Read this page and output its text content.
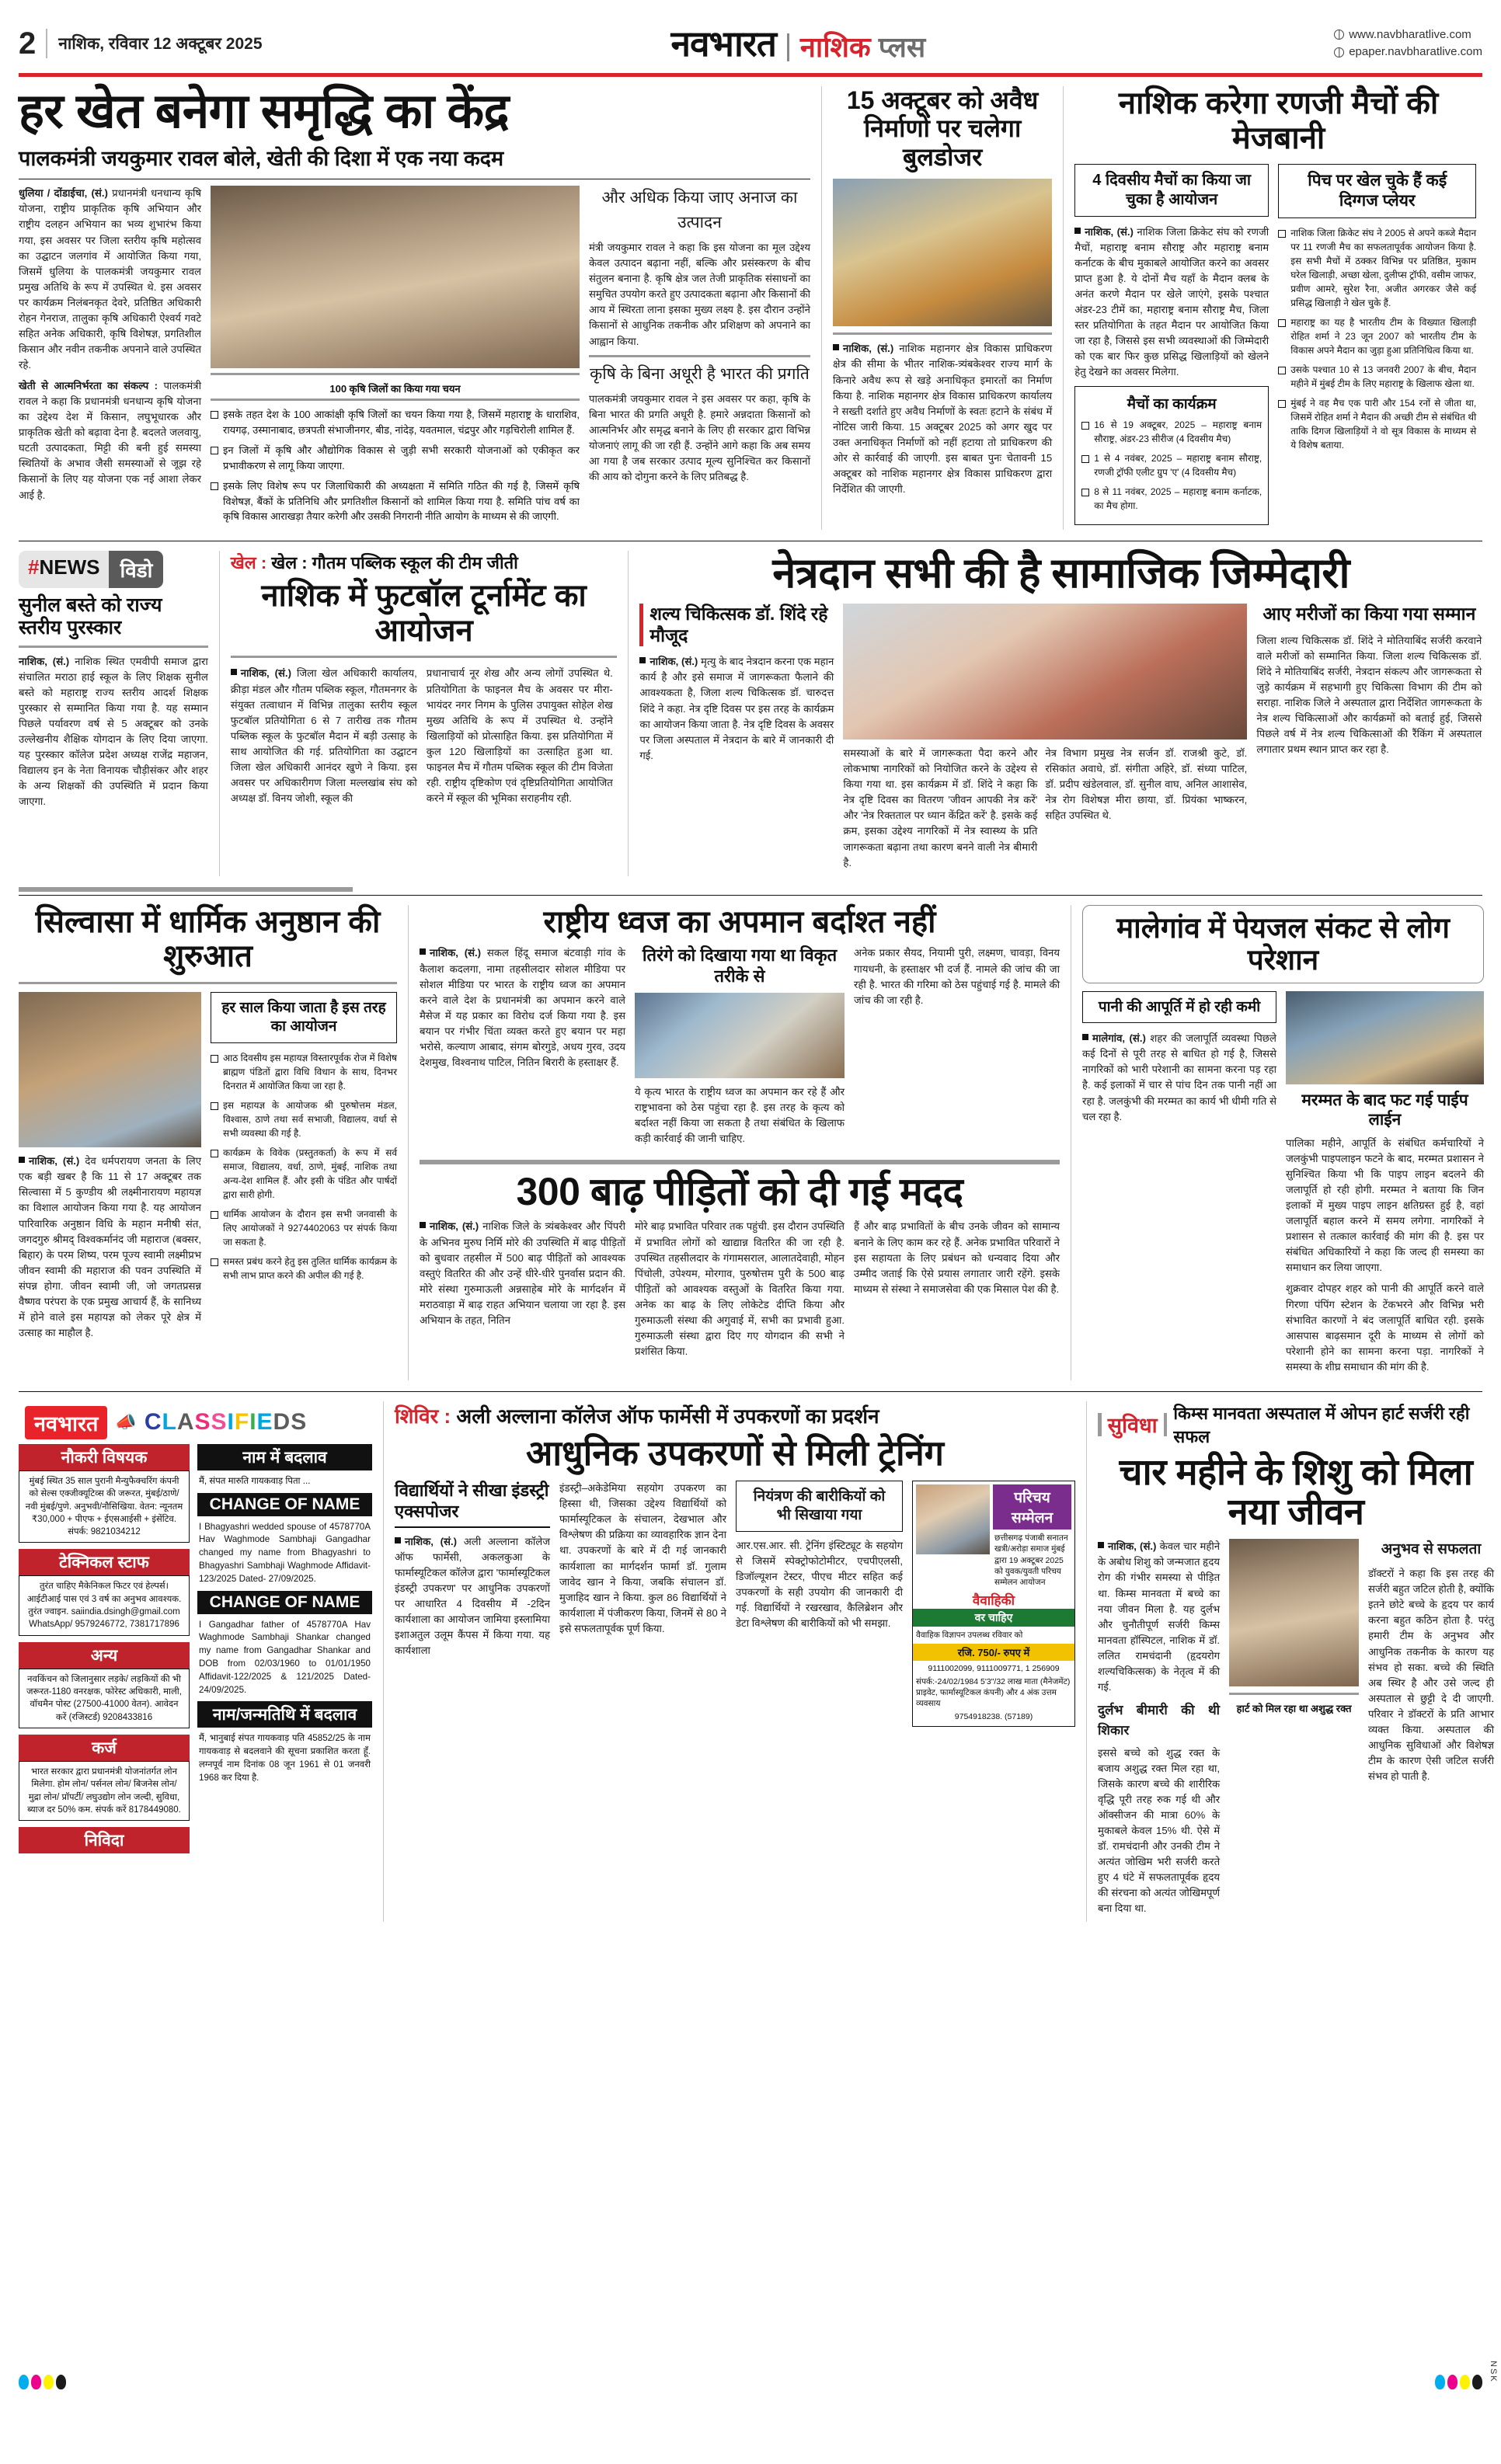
2 नाशिक, रविवार 12 अक्टूबर 2025	नवभारत नाशिक प्लस	www.navbharatlive.com
epaper.navbharatlive.com
हर खेत बनेगा समृद्धि का केंद्र
पालकमंत्री जयकुमार रावल बोले, खेती की दिशा में एक नया कदम

धुलिया / दोंडाईचा, (सं.) प्रधानमंत्री धनधान्य कृषि योजना, राष्ट्रीय प्राकृतिक कृषि अभियान और राष्ट्रीय दलहन अभियान का भव्य शुभारंभ किया गया, इस अवसर पर जिला स्तरीय कृषि महोत्सव का उद्घाटन जलगांव में आयोजित किया गया, जिसमें धुलिया के पालकमंत्री जयकुमार रावल प्रमुख अतिथि के रूप में उपस्थित थे. इस अवसर पर कार्यक्रम निलंबनकृत देवरे, प्रतिष्ठित अधिकारी रोहन गेनराज, तालुका कृषि अधिकारी ऐश्वर्य गवटे सहित अनेक अधिकारी, कृषि विशेषज्ञ, प्रगतिशील किसान और नवीन तकनीक अपनाने वाले उपस्थित रहे.

खेती से आत्मनिर्भरता का संकल्प : पालकमंत्री रावल ने कहा कि प्रधानमंत्री धनधान्य कृषि योजना का उद्देश्य देश में किसान, लघुभूधारक और प्राकृतिक खेती को बढ़ावा देना है. बदलते जलवायु, घटती उत्पादकता, मिट्टी की बनी हुई समस्या स्थितियों के अभाव जैसी समस्याओं से जूझ रहे किसानों के लिए यह योजना एक नई आशा लेकर आई है.

100 कृषि जिलों का किया गया चयन
इसके तहत देश के 100 आकांक्षी कृषि जिलों का चयन किया गया है, जिसमें महाराष्ट्र के धाराशिव, रायगढ़, उस्मानाबाद, छत्रपती संभाजीनगर, बीड, नांदेड़, यवतमाल, चंद्रपुर और गड़चिरोली शामिल हैं.
इन जिलों में कृषि और औद्योगिक विकास से जुड़ी सभी सरकारी योजनाओं को एकीकृत कर प्रभावीकरण से लागू किया जाएगा.
इसके लिए विशेष रूप पर जिलाधिकारी की अध्यक्षता में समिति गठित की गई है, जिसमें कृषि विशेषज्ञ, बैंकों के प्रतिनिधि और प्रगतिशील किसानों को शामिल किया गया है. समिति पांच वर्ष का कृषि विकास आराखड़ा तैयार करेगी और उसकी निगरानी नीति आयोग के माध्यम से की जाएगी.
और अधिक किया जाए अनाज का उत्पादन

मंत्री जयकुमार रावल ने कहा कि इस योजना का मूल उद्देश्य केवल उत्पादन बढ़ाना नहीं, बल्कि और प्रसंस्करण के बीच संतुलन बनाना है. कृषि क्षेत्र जल तेजी प्राकृतिक संसाधनों का समुचित उपयोग करते हुए उत्पादकता बढ़ाना और किसानों की आय में स्थिरता लाना इसका मुख्य लक्ष्य है. इस दौरान उन्होंने किसानों से आधुनिक तकनीक और प्रशिक्षण को अपनाने का आह्वान किया.

कृषि के बिना अधूरी है भारत की प्रगति

पालकमंत्री जयकुमार रावल ने इस अवसर पर कहा, कृषि के बिना भारत की प्रगति अधूरी है. हमारे अन्नदाता किसानों को आत्मनिर्भर और समृद्ध बनाने के लिए ही सरकार द्वारा विभिन्न योजनाएं लागू की जा रही हैं. उन्होंने आगे कहा कि अब समय आ गया है जब सरकार उत्पाद मूल्य सुनिश्चित कर किसानों की आय को दोगुना करने के लिए प्रतिबद्ध है.

15 अक्टूबर को अवैध निर्माणों पर चलेगा बुलडोजर

नाशिक, (सं.) नाशिक महानगर क्षेत्र विकास प्राधिकरण क्षेत्र की सीमा के भीतर नाशिक-त्र्यंबकेश्वर राज्य मार्ग के किनारे अवैध रूप से खड़े अनाधिकृत इमारतों का निर्माण किया है. नाशिक महानगर क्षेत्र विकास प्राधिकरण कार्यालय ने सख्ती दर्शाते हुए अवैध निर्माणों के स्वतः हटाने के संबंध में नोटिस जारी किया. 15 अक्टूबर 2025 को अगर खुद पर उक्त अनाधिकृत निर्माणों को नहीं हटाया तो प्राधिकरण की ओर से कार्रवाई की जाएगी. इस बाबत पुनः चेतावनी 15 अक्टूबर को नाशिक महानगर क्षेत्र विकास प्राधिकरण द्वारा निर्देशित की जाएगी.

नाशिक करेगा रणजी मैचों की मेजबानी
4 दिवसीय मैचों का किया जा चुका है आयोजन

नाशिक, (सं.) नाशिक जिला क्रिकेट संघ को रणजी मैचों, महाराष्ट्र बनाम सौराष्ट्र और महाराष्ट्र बनाम कर्नाटक के बीच मुकाबले आयोजित करने का अवसर प्राप्त हुआ है. ये दोनों मैच यहाँ के मैदान क्लब के अनंत करणे मैदान पर खेले जाएंगे, इसके पश्चात अंडर-23 टीमें का, महाराष्ट्र बनाम सौराष्ट्र मैच, जिला स्तर प्रतियोगिता के तहत मैदान पर आयोजित किया जा रहा है, जिससे इस सभी व्यवस्थाओं की जिम्मेदारी को एक बार फिर कुछ प्रसिद्ध खिलाड़ियों को खेलने हेतु देखने का अवसर मिलेगा.

मैचों का कार्यक्रम
16 से 19 अक्टूबर, 2025 – महाराष्ट्र बनाम सौराष्ट्र, अंडर-23 सीरीज (4 दिवसीय मैच)
1 से 4 नवंबर, 2025 – महाराष्ट्र बनाम सौराष्ट्र, रणजी ट्रॉफी एलीट ग्रुप 'ए' (4 दिवसीय मैच)
8 से 11 नवंबर, 2025 – महाराष्ट्र बनाम कर्नाटक, का मैच होगा.
पिच पर खेल चुके हैं कई दिग्गज प्लेयर
नाशिक जिला क्रिकेट संघ ने 2005 से अपने कब्जे मैदान पर 11 रणजी मैच का सफलतापूर्वक आयोजन किया है. इस सभी मैचों में ठक्कर विभिन्न पर प्रतिष्ठित, मुकाम घरेल खिलाड़ी, अच्छा खेला, दुलीप्स ट्रॉफी, वसीम जाफर, प्रवीण आमरे, सुरेश रैना, अजीत अगरकर जैसे कई प्रसिद्ध खिलाड़ी ने खेल चुके हैं.
महाराष्ट्र का यह है भारतीय टीम के विख्यात खिलाड़ी रोहित शर्मा ने 23 जून 2007 को भारतीय टीम के विकास अपने मैदान का जुड़ा हुआ प्रतिनिधित्व किया था.
उसके पश्चात 10 से 13 जनवरी 2007 के बीच, मैदान महीने में मुंबई टीम के लिए महाराष्ट्र के खिलाफ खेला था.
मुंबई ने वह मैच एक पारी और 154 रनों से जीता था, जिसमें रोहित शर्मा ने मैदान की अच्छी टीम से संबंधित थी ताकि दिगज खिलाड़ियों ने वो सूत्र विकास के माध्यम से ये विशेष बताया.
#NEWS	विडो
सुनील बस्ते को राज्य स्तरीय पुरस्कार

नाशिक, (सं.) नाशिक स्थित एमवीपी समाज द्वारा संचालित मराठा हाई स्कूल के लिए शिक्षक सुनील बस्ते को महाराष्ट्र राज्य स्तरीय आदर्श शिक्षक पुरस्कार से सम्मानित किया गया है. यह सम्मान पिछले पर्यावरण वर्ष से 5 अक्टूबर को उनके उल्लेखनीय शैक्षिक योगदान के लिए दिया जाएगा. यह पुरस्कार कॉलेज प्रदेश अध्यक्ष राजेंद्र महाजन, विद्यालय इन के नेता विनायक चौड़ीसंकर और शहर के अन्य शिक्षकों की उपस्थिति में प्रदान किया जाएगा.

खेल : खेल : गौतम पब्लिक स्कूल की टीम जीती
नाशिक में फुटबॉल टूर्नामेंट का आयोजन

नाशिक, (सं.) जिला खेल अधिकारी कार्यालय, क्रीड़ा मंडल और गौतम पब्लिक स्कूल, गौतमनगर के संयुक्त तत्वाधान में विभिन्न तालुका स्तरीय स्कूल फुटबॉल प्रतियोगिता 6 से 7 तारीख तक गौतम पब्लिक स्कूल के फुटबॉल मैदान में बड़ी उत्साह के साथ आयोजित की गई. प्रतियोगिता का उद्घाटन जिला खेल अधिकारी आनंदर खुणे ने किया. इस अवसर पर अधिकारीगण जिला मल्लखांब संघ को अध्यक्ष डॉ. विनय जोशी, स्कूल की

प्रधानाचार्य नूर शेख और अन्य लोगों उपस्थित थे. प्रतियोगिता के फाइनल मैच के अवसर पर मीरा-भायंदर नगर निगम के पुलिस उपायुक्त सोहेल शेख मुख्य अतिथि के रूप में उपस्थित थे. उन्होंने खिलाड़ियों को प्रोत्साहित किया. इस प्रतियोगिता में कुल 120 खिलाड़ियों का उत्साहित हुआ था. फाइनल मैच में गौतम पब्लिक स्कूल की टीम विजेता रही. राष्ट्रीय दृष्टिकोण एवं दृष्टिप्रतियोगिता आयोजित करने में स्कूल की भूमिका सराहनीय रही.

नेत्रदान सभी की है सामाजिक जिम्मेदारी
शल्य चिकित्सक डॉ. शिंदे रहे मौजूद

नाशिक, (सं.) मृत्यु के बाद नेत्रदान करना एक महान कार्य है और इसे समाज में जागरूकता फैलाने की आवश्यकता है, जिला शल्य चिकित्सक डॉ. चारुदत्त शिंदे ने कहा. नेत्र दृष्टि दिवस पर इस तरह के कार्यक्रम का आयोजन किया जाता है. नेत्र दृष्टि दिवस के अवसर पर जिला अस्पताल में नेत्रदान के बारे में जानकारी दी गई.	समस्याओं के बारे में जागरूकता पैदा करने और लोकभाषा नागरिकों को नियोजित करने के उद्देश्य से किया गया था. इस कार्यक्रम में डॉ. शिंदे ने कहा कि नेत्र दृष्टि दिवस का वितरण 'जीवन आपकी नेत्र करें' और 'नेत्र रिक्तताल पर ध्यान केंद्रित करें' है. इसके कई क्रम, इसका उद्देश्य नागरिकों में नेत्र स्वास्थ्य के प्रति जागरूकता बढ़ाना तथा कारण बनने वाली नेत्र बीमारी है.

नेत्र विभाग प्रमुख नेत्र सर्जन डॉ. राजश्री कुटे, डॉ. रसिकांत अवाधे, डॉ. संगीता अहिरे, डॉ. संध्या पाटिल, डॉ. प्रदीप खंडेलवाल, डॉ. सुनील वाघ, अनिल आशासेव, नेत्र रोग विशेषज्ञ मीरा छाया, डॉ. प्रियंका भाष्करन, सहित उपस्थित थे.

आए मरीजों का किया गया सम्मान

जिला शल्य चिकित्सक डॉ. शिंदे ने मोतियाबिंद सर्जरी करवाने वाले मरीजों को सम्मानित किया. जिला शल्य चिकित्सक डॉ. शिंदे ने मोतियाबिंद सर्जरी, नेत्रदान संकल्प और जागरूकता से जुड़े कार्यक्रम में सहभागी हुए चिकित्सा विभाग की टीम को सराहा. नाशिक जिले ने अस्पताल द्वारा निर्देशित जागरूकता के नेत्र शल्य चिकित्साओं और कार्यक्रमों को बताई हुई, जिससे पिछले वर्ष में नेत्र शल्य चिकित्साओं की रैंकिंग में अस्पताल लगातार प्रथम स्थान प्राप्त कर रहा है.

सिल्वासा में धार्मिक अनुष्ठान की शुरुआत

नाशिक, (सं.) देव धर्मपरायण जनता के लिए एक बड़ी खबर है कि 11 से 17 अक्टूबर तक सिल्वासा में 5 कुण्डीय श्री लक्ष्मीनारायण महायज्ञ का विशाल आयोजन किया गया है. यह आयोजन पारिवारिक अनुष्ठान विधि के महान मनीषी संत, जगदगुरु श्रीमद् विश्वकर्मानंद जी महाराज (बक्सर, बिहार) के परम शिष्य, परम पूज्य स्वामी लक्ष्मीप्रभ जीवन स्वामी की महाराज की पवन उपस्थिति में संपन्न होगा. जीवन स्वामी जी, जो जगतप्रसन्न वैष्णव परंपरा के एक प्रमुख आचार्य हैं, के सानिध्य में होने वाले इस महायज्ञ को लेकर पूरे क्षेत्र में उत्साह का माहौल है.

हर साल किया जाता है इस तरह का आयोजन
आठ दिवसीय इस महायज्ञ विस्तारपूर्वक रोज में विशेष ब्राह्मण पंडितों द्वारा विधि विधान के साथ, दिनभर दिनरात में आयोजित किया जा रहा है.
इस महायज्ञ के आयोजक श्री पुरुषोत्तम मंडल, विश्वास, ठाणे तथा सर्व सभाजी, विद्यालय, वर्धा से सभी व्यवस्था की गई है.
कार्यक्रम के विवेक (प्रस्तुतकर्ता) के रूप में सर्व समाज, विद्यालय, वर्धा, ठाणे, मुंबई, नाशिक तथा अन्य-देश शामिल हैं. और इसी के पंडित और पार्षदों द्वारा सारी होगी.
धार्मिक आयोजन के दौरान इस सभी जनवासी के लिए आयोजकों ने 9274402063 पर संपर्क किया जा सकता है.
समस्त प्रबंध करने हेतु इस तुलित धार्मिक कार्यक्रम के सभी लाभ प्राप्त करने की अपील की गई है.
राष्ट्रीय ध्वज का अपमान बर्दाश्त नहीं

नाशिक, (सं.) सकल हिंदू समाज बंटवाड़ी गांव के कैलाश कदलगा, नामा तहसीलदार सोशल मीडिया पर सोशल मीडिया पर भारत के राष्ट्रीय ध्वज का अपमान करने वाले देश के प्रधानमंत्री का अपमान करने वाले मैसेज में यह प्रकार का विरोध दर्ज किया गया है. इस बयान पर गंभीर चिंता व्यक्त करते हुए बयान पर महा भरोसे, कल्याण आबाद, संगम बोरगुडे, अधय गुरव, उदय देशमुख, विश्वनाथ पाटिल, नितिन बिरारी के हस्ताक्षर हैं.

तिरंगे को दिखाया गया था विकृत तरीके से

ये कृत्य भारत के राष्ट्रीय ध्वज का अपमान कर रहे हैं और राष्ट्रभावना को ठेस पहुंचा रहा है. इस तरह के कृत्य को बर्दाश्त नहीं किया जा सकता है तथा संबंधित के खिलाफ कड़ी कार्रवाई की जानी चाहिए.

अनेक प्रकार सैयद, नियामी पुरी, लक्ष्मण, चावड़ा, विनय गायधनी, के हस्ताक्षर भी दर्ज हैं. नामले की जांच की जा रही है. भारत की गरिमा को ठेस पहुंचाई गई है. मामले की जांच की जा रही है.

300 बाढ़ पीड़ितों को दी गई मदद

नाशिक, (सं.) नाशिक जिले के त्र्यंबकेश्वर और पिंपरी के अभिनव मुरुघ निर्मि मोरे की उपस्थिति में बाढ़ पीड़ितों को बुधवार तहसील में 500 बाढ़ पीड़ितों को आवश्यक वस्तुएं वितरित की और उन्हें धीरे-धीरे पुनर्वास प्रदान की. मोरे संस्था गुरुमाऊली अन्नसाहेब मोरे के मार्गदर्शन में मराठवाड़ा में बाढ़ राहत अभियान चलाया जा रहा है. इस अभियान के तहत, नितिन

मोरे बाढ़ प्रभावित परिवार तक पहुंची. इस दौरान उपस्थिति में प्रभावित लोगों को खाद्यान्न वितरित की जा रही है. उपस्थित तहसीलदार के गंगामसराल, आलातदेवाही, मोहन पिंचोली, उपेश्यम, मोरगाव, पुरुषोत्तम पुरी के 500 बाढ़ पीड़ितों को आवश्यक वस्तुओं के वितरित किया गया. अनेक का बाढ़ के लिए लोकेटेड दीप्ति किया और गुरुमाऊली संस्था की अगुवाई में, सभी का प्रभावी हुआ. गुरुमाऊली संस्था द्वारा दिए गए योगदान की सभी ने प्रशंसित किया.

हैं और बाढ़ प्रभावितों के बीच उनके जीवन को सामान्य बनाने के लिए काम कर रहे हैं. अनेक प्रभावित परिवारों ने इस सहायता के लिए प्रबंधन को धन्यवाद दिया और उम्मीद जताई कि ऐसे प्रयास लगातार जारी रहेंगे. इसके माध्यम से संस्था ने समाजसेवा की एक मिसाल पेश की है.

मालेगांव में पेयजल संकट से लोग परेशान
पानी की आपूर्ति में हो रही कमी

मालेगांव, (सं.) शहर की जलापूर्ति व्यवस्था पिछले कई दिनों से पूरी तरह से बाधित हो गई है, जिससे नागरिकों को भारी परेशानी का सामना करना पड़ रहा है. कई इलाकों में चार से पांच दिन तक पानी नहीं आ रहा है. जलकुंभी की मरम्मत का कार्य भी धीमी गति से चल रहा है.

मरम्मत के बाद फट गई पाईप लाईन

पालिका महीने, आपूर्ति के संबंधित कर्मचारियों ने जलकुंभी पाइपलाइन फटने के बाद, मरम्मत प्रशासन ने सुनिश्चित किया भी कि पाइप लाइन बदलने की जलापूर्ति हो रही होगी. मरम्मत ने बताया कि जिन इलाकों में मुख्य पाइप लाइन क्षतिग्रस्त हुई है, वहां जलापूर्ति बहाल करने में समय लगेगा. नागरिकों ने प्रशासन से तत्काल कार्रवाई की मांग की है. इस पर संबंधित अधिकारियों ने कहा कि जल्द ही समस्या का समाधान कर लिया जाएगा.

शुक्रवार दोपहर शहर को पानी की आपूर्ति करने वाले गिरणा पंपिंग स्टेशन के टेंकभरने और विभिन्न भरी संभावित कारणों ने बंद जलापूर्ति बाधित रही. इसके आसपास बाढ़समान दूरी के माध्यम से लोगों को परेशानी होने का सामना करना पड़ा. नागरिकों ने समस्या के शीघ्र समाधान की मांग की है.

नवभारत	📣 CLASSIFIEDS
नौकरी विषयक
मुंबई स्थित 35 साल पुरानी मैन्युफैक्चरिंग कंपनी को सेल्स एक्जीक्यूटिव्स की जरूरत, मुंबई/ठाणे/नवी मुंबई/पुणे. अनुभवी/नौसिखिया. वेतन: न्यूनतम ₹30,000 + पीएफ + ईएसआईसी + इंसेंटिव. संपर्क: 9821034212
टेक्निकल स्टाफ
तुरंत चाहिए मैकेनिकल फिटर एवं हेल्पर्स। आईटीआई पास एवं 3 वर्ष का अनुभव आवश्यक. तुरंत ज्वाइन. saiindia.dsingh@gmail.com WhatsApp/ 9579246772, 7381717896
अन्य
नवकिंचन को जिलानुसार लड़के/ लड़कियों की भी जरूरत-1180 वनरक्षक, फोरेस्ट अधिकारी, माली, वॉचमैन पोस्ट (27500-41000 वेतन). आवेदन करें (रजिस्टर्ड) 9208433816
कर्ज
भारत सरकार द्वारा प्रधानमंत्री योजनांतर्गत लोन मिलेगा. होम लोन/ पर्सनल लोन/ बिजनेस लोन/ मुद्रा लोन/ प्रॉपर्टी/ लघुउद्योग लोन जल्दी, सुविधा, ब्याज दर 50% कम. संपर्क करें 8178449080.
निविदा
नाम में बदलाव
मैं, संपत मारुति गायकवाड़ पिता ...
CHANGE OF NAME
I Bhagyashri wedded spouse of 4578770A Hav Waghmode Sambhaji Gangadhar changed my name from Bhagyashri to Bhagyashri Sambhaji Waghmode Affidavit-123/2025 Dated- 27/09/2025.
CHANGE OF NAME
I Gangadhar father of 4578770A Hav Waghmode Sambhaji Shankar changed my name from Gangadhar Shankar and DOB from 02/03/1960 to 01/01/1950 Affidavit-122/2025 & 121/2025 Dated- 24/09/2025.
नाम/जन्मतिथि में बदलाव
मैं, भानुबाई संपत गायकवाड़ पति 45852/25 के नाम गायकवाड़ से बदलवाने की सूचना प्रकाशित करता हूँ. लग्नपूर्व नाम दिनांक 08 जून 1961 से 01 जनवरी 1968 कर दिया है.
शिविर : अली अल्लाना कॉलेज ऑफ फार्मेसी में उपकरणों का प्रदर्शन
आधुनिक उपकरणों से मिली ट्रेनिंग
विद्यार्थियों ने सीखा इंडस्ट्री एक्सपोजर

नाशिक, (सं.) अली अल्लाना कॉलेज ऑफ फार्मेसी, अकलकुआ के फार्मास्यूटिकल कॉलेज द्वारा 'फार्मास्यूटिकल इंडस्ट्री उपकरण' पर आधुनिक उपकरणों पर आधारित 4 दिवसीय मेंं -2दिन कार्यशाला का आयोजन जामिया इस्लामिया इशाअतुल उलूम कैंपस में किया गया. यह कार्यशाला

इंडस्ट्री–अकेडेमिया सहयोग उपकरण का हिस्सा थी, जिसका उद्देश्य विद्यार्थियों को फार्मास्यूटिकल के संचालन, देखभाल और विश्लेषण की प्रक्रिया का व्यावहारिक ज्ञान देना था. उपकरणों के बारे में दी गई जानकारी कार्यशाला का मार्गदर्शन फार्मा डॉ. गुलाम जावेद खान ने किया, जबकि संचालन डॉ. मुजाहिद खान ने किया. कुल 86 विद्यार्थियों ने कार्यशाला में पंजीकरण किया, जिनमें से 80 ने इसे सफलतापूर्वक पूर्ण किया.

नियंत्रण की बारीकियों को भी सिखाया गया

आर.एस.आर. सी. ट्रेनिंग इंस्टिट्यूट के सहयोग से जिसमें स्पेक्ट्रोफोटोमीटर, एचपीएलसी, डिजॉल्यूशन टेस्टर, पीएच मीटर सहित कई उपकरणों के सही उपयोग की जानकारी दी गई. विद्यार्थियों ने रखरखाव, कैलिब्रेशन और डेटा विश्लेषण की बारीकियों को भी समझा.

परिचय सम्मेलन
छत्तीसगढ़ पंजाबी सनातन खत्री/अरोड़ा समाज मुंबई द्वारा 19 अक्टूबर 2025 को युवक/युवती परिचय सम्मेलन आयोजन
वैवाहिकी
वर चाहिए
वैवाहिक विज्ञापन उपलब्ध रविवार को
रजि. 750/- रुपए में
9111002099, 9111009771, 1 256909
संपर्क:-24/02/1984 5'3"/32 लाख माता (मैनेजमेंट) प्राइवेट, फार्मास्यूटिकल कंपनी) और 4 अंक उत्तम व्यवसाय
9754918238. (57189)
सुविधा
किम्स मानवता अस्पताल में ओपन हार्ट सर्जरी रही सफल
चार महीने के शिशु को मिला नया जीवन

नाशिक, (सं.) केवल चार महीने के अबोध शिशु को जन्मजात हृदय रोग की गंभीर समस्या से पीड़ित था. किम्स मानवता में बच्चे का नया जीवन मिला है. यह दुर्लभ और चुनौतीपूर्ण सर्जरी किम्स मानवता हॉस्पिटल, नाशिक में डॉ. ललित रामचंदानी (हृदयरोग शल्यचिकित्सक) के नेतृत्व में की गई.

दुर्लभ बीमारी की थी शिकार

इससे बच्चे को शुद्ध रक्त के बजाय अशुद्ध रक्त मिल रहा था, जिसके कारण बच्चे की शारीरिक वृद्धि पूरी तरह रुक गई थी और ऑक्सीजन की मात्रा 60% के मुकाबले केवल 15% थी. ऐसे में डॉ. रामचंदानी और उनकी टीम ने अत्यंत जोखिम भरी सर्जरी करते हुए 4 घंटे में सफलतापूर्वक हृदय की संरचना को अत्यंत जोखिमपूर्ण बना दिया था.

हार्ट को मिल रहा था अशुद्ध रक्त
अनुभव से सफलता

डॉक्टरों ने कहा कि इस तरह की सर्जरी बहुत जटिल होती है, क्योंकि इतने छोटे बच्चे के हृदय पर कार्य करना बहुत कठिन होता है. परंतु हमारी टीम के अनुभव और आधुनिक तकनीक के कारण यह संभव हो सका. बच्चे की स्थिति अब स्थिर है और उसे जल्द ही अस्पताल से छुट्टी दे दी जाएगी. परिवार ने डॉक्टरों के प्रति आभार व्यक्त किया. अस्पताल की आधुनिक सुविधाओं और विशेषज्ञ टीम के कारण ऐसी जटिल सर्जरी संभव हो पाती है.

NSK
